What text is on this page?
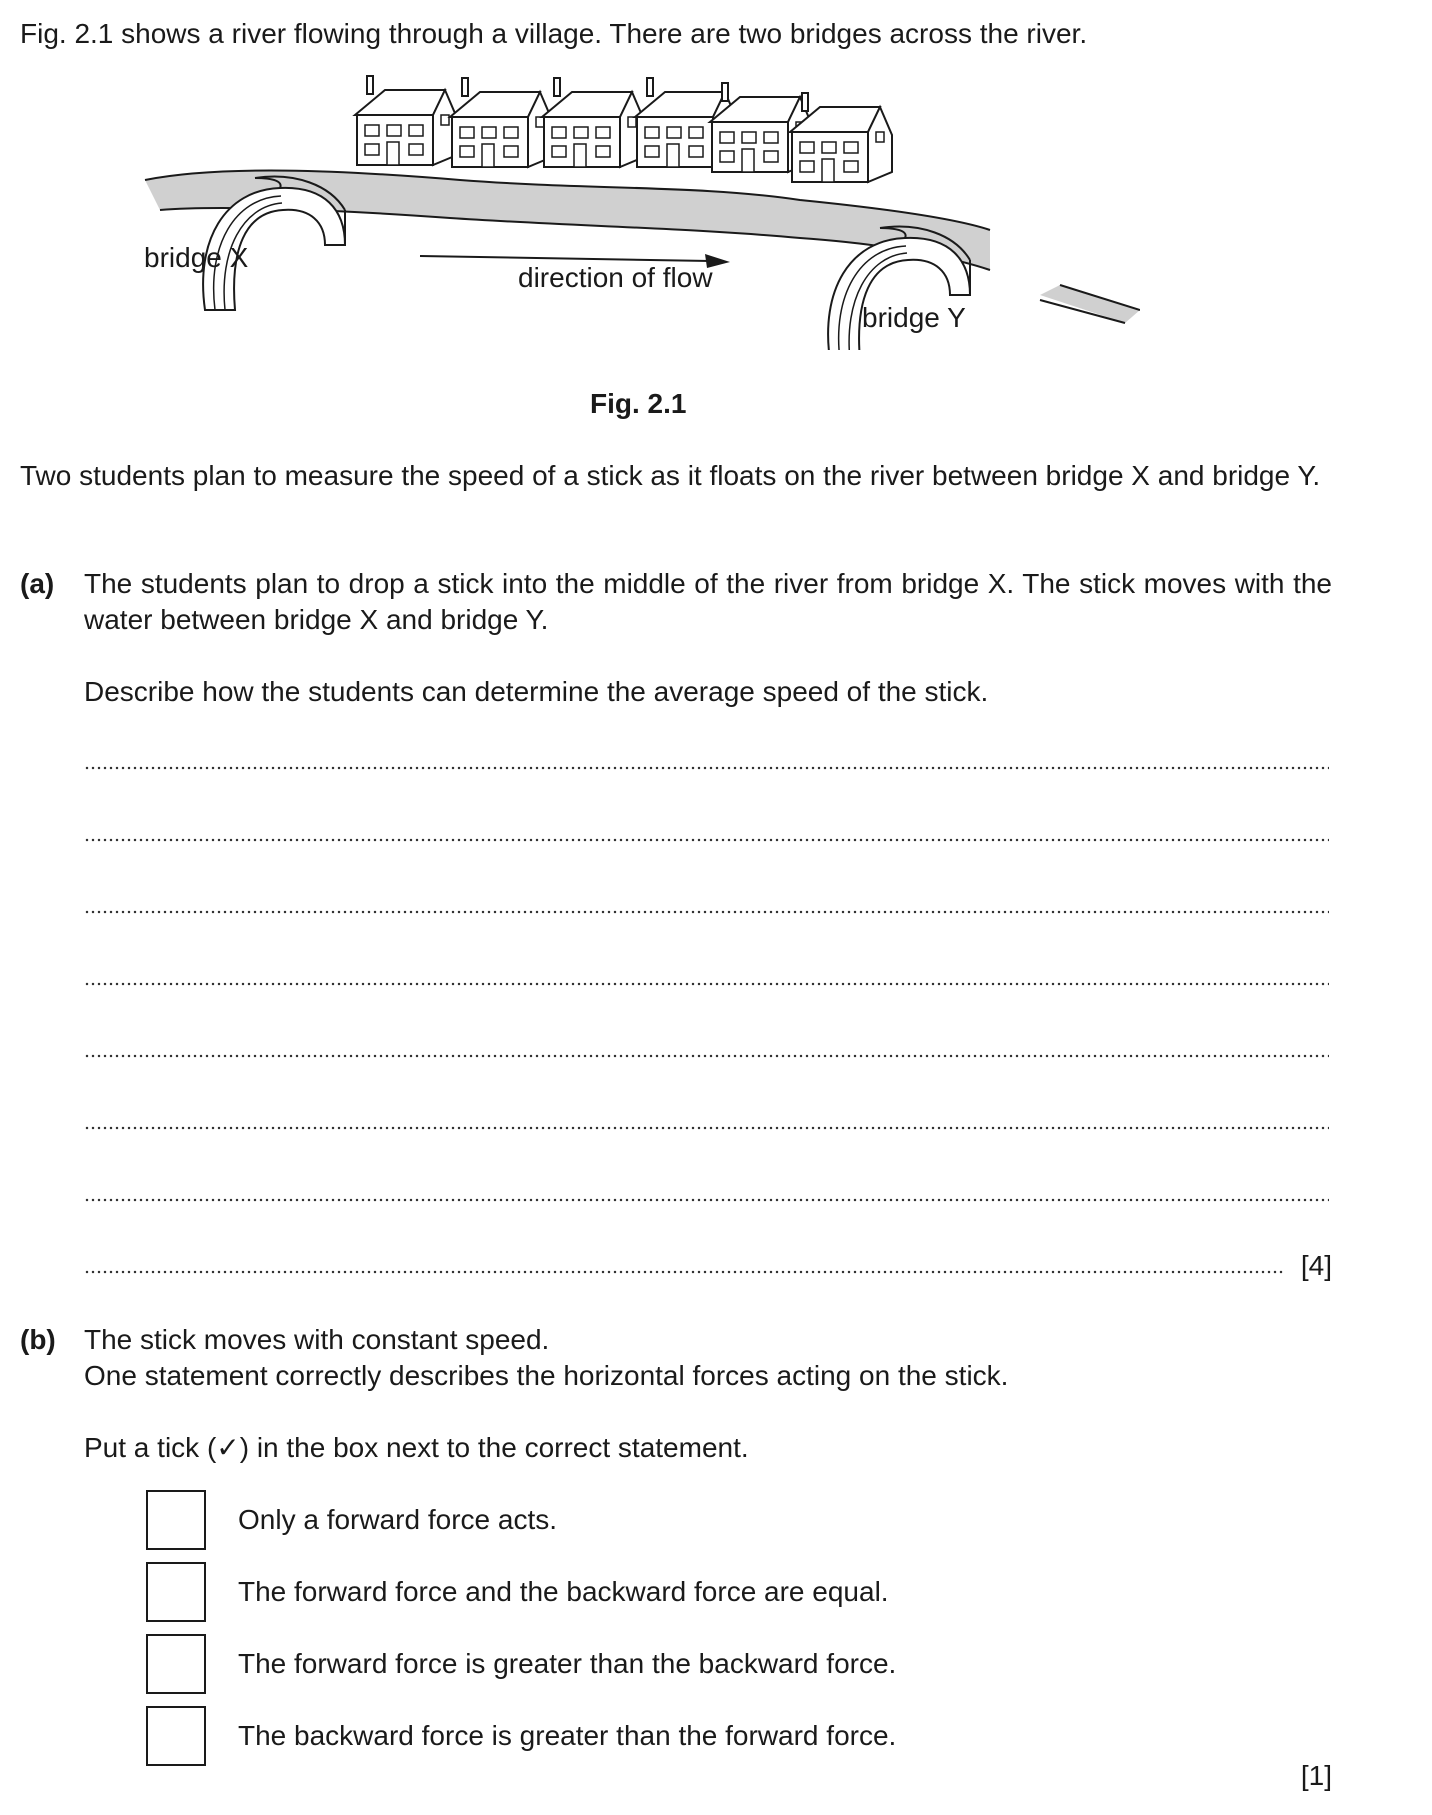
Fig. 2.1 shows a river flowing through a village. There are two bridges across the river.
bridge X
direction of flow
bridge Y
Fig. 2.1
Two students plan to measure the speed of a stick as it floats on the river between bridge X and bridge Y.
(a) The students plan to drop a stick into the middle of the river from bridge X. The stick moves with the water between bridge X and bridge Y.
Describe how the students can determine the average speed of the stick.
[4]
(b) The stick moves with constant speed.
One statement correctly describes the horizontal forces acting on the stick.
Put a tick (✓) in the box next to the correct statement.
Only a forward force acts.
The forward force and the backward force are equal.
The forward force is greater than the backward force.
The backward force is greater than the forward force.
[1]
